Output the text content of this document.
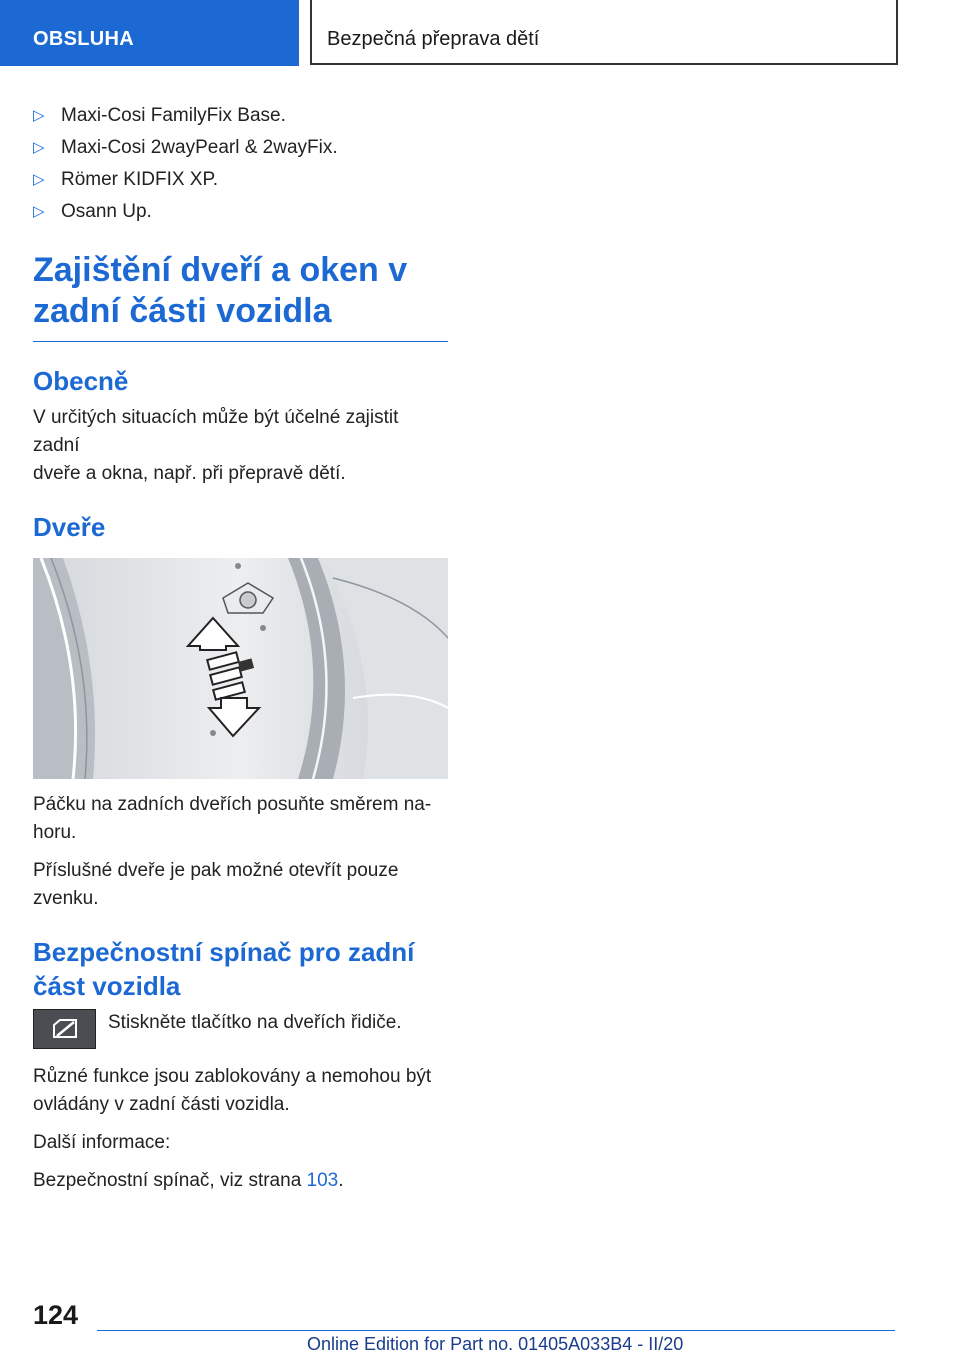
OBSLUHA	Bezpečná přeprava dětí
▷ Maxi-Cosi FamilyFix Base.
▷ Maxi-Cosi 2wayPearl & 2wayFix.
▷ Römer KIDFIX XP.
▷ Osann Up.
Zajištění dveří a oken v
zadní části vozidla
Obecně

V určitých situacích může být účelné zajistit zadní
dveře a okna, např. při přepravě dětí.

Dveře

Páčku na zadních dveřích posuňte směrem na‑
horu.

Příslušné dveře je pak možné otevřít pouze
zvenku.

Bezpečnostní spínač pro zadní
část vozidla

Stiskněte tlačítko na dveřích řidiče.

Různé funkce jsou zablokovány a nemohou být
ovládány v zadní části vozidla.

Další informace:

Bezpečnostní spínač, viz strana 103.

124
Online Edition for Part no. 01405A033B4 - II/20
